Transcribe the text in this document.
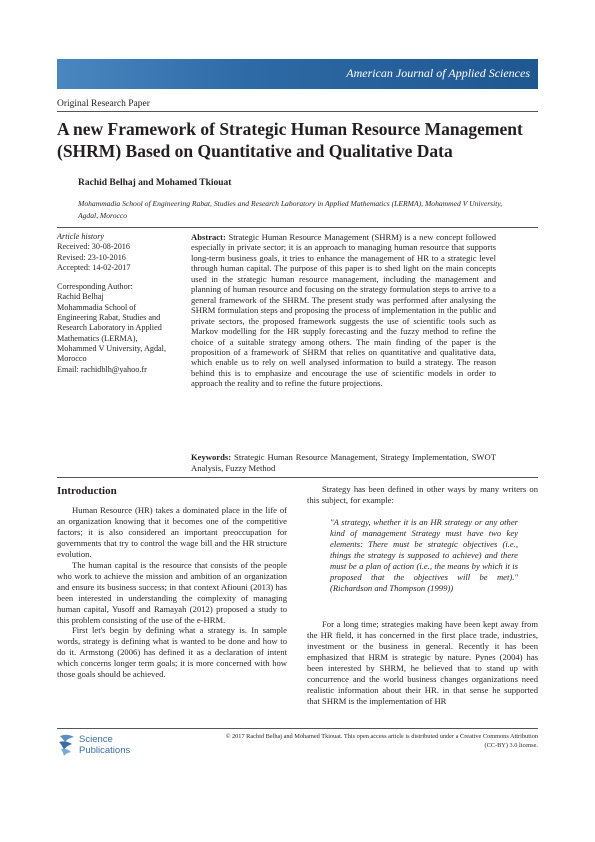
American Journal of Applied Sciences
Original Research Paper
A new Framework of Strategic Human Resource Management (SHRM) Based on Quantitative and Qualitative Data
Rachid Belhaj and Mohamed Tkiouat
Mohammadia School of Engineering Rabat, Studies and Research Laboratory in Applied Mathematics (LERMA), Mohammed V University, Agdal, Morocco
Article history
Received: 30-08-2016
Revised: 23-10-2016
Accepted: 14-02-2017
Corresponding Author:
Rachid Belhaj
Mohammadia School of Engineering Rabat, Studies and Research Laboratory in Applied Mathematics (LERMA), Mohammed V University, Agdal, Morocco
Email: rachidblh@yahoo.fr

Abstract: Strategic Human Resource Management (SHRM) is a new concept followed especially in private sector; it is an approach to managing human resource that supports long-term business goals, it tries to enhance the management of HR to a strategic level through human capital. The purpose of this paper is to shed light on the main concepts used in the strategic human resource management, including the management and planning of human resource and focusing on the strategy formulation steps to arrive to a general framework of the SHRM. The present study was performed after analysing the SHRM formulation steps and proposing the process of implementation in the public and private sectors, the proposed framework suggests the use of scientific tools such as Markov modelling for the HR supply forecasting and the fuzzy method to refine the choice of a suitable strategy among others. The main finding of the paper is the proposition of a framework of SHRM that relies on quantitative and qualitative data, which enable us to rely on well analysed information to build a strategy. The reason behind this is to emphasize and encourage the use of scientific models in order to approach the reality and to refine the future projections.

Keywords: Strategic Human Resource Management, Strategy Implementation, SWOT Analysis, Fuzzy Method

Introduction

Human Resource (HR) takes a dominated place in the life of an organization knowing that it becomes one of the competitive factors; it is also considered an important preoccupation for governments that try to control the wage bill and the HR structure evolution.

The human capital is the resource that consists of the people who work to achieve the mission and ambition of an organization and ensure its business success; in that context Afiouni (2013) has been interested in understanding the complexity of managing human capital, Yusoff and Ramayah (2012) proposed a study to this problem consisting of the use of the e-HRM.

First let's begin by defining what a strategy is. In sample words, strategy is defining what is wanted to be done and how to do it. Armstong (2006) has defined it as a declaration of intent which concerns longer term goals; it is more concerned with how those goals should be achieved.

Strategy has been defined in other ways by many writers on this subject, for example:

"A strategy, whether it is an HR strategy or any other kind of management Strategy must have two key elements: There must be strategic objectives (i.e., things the strategy is supposed to achieve) and there must be a plan of action (i.e., the means by which it is proposed that the objectives will be met)." (Richardson and Thompson (1999))

For a long time; strategies making have been kept away from the HR field, it has concerned in the first place trade, industries, investment or the business in general. Recently it has been emphasized that HRM is strategic by nature. Pynes (2004) has been interested by SHRM, he believed that to stand up with concurrence and the world business changes organizations need realistic information about their HR. in that sense he supported that SHRM is the implementation of HR

Science
Publications
© 2017 Rachid Belhaj and Mohamed Tkiouat. This open access article is distributed under a Creative Commons Attribution
(CC-BY) 3.0 license.
